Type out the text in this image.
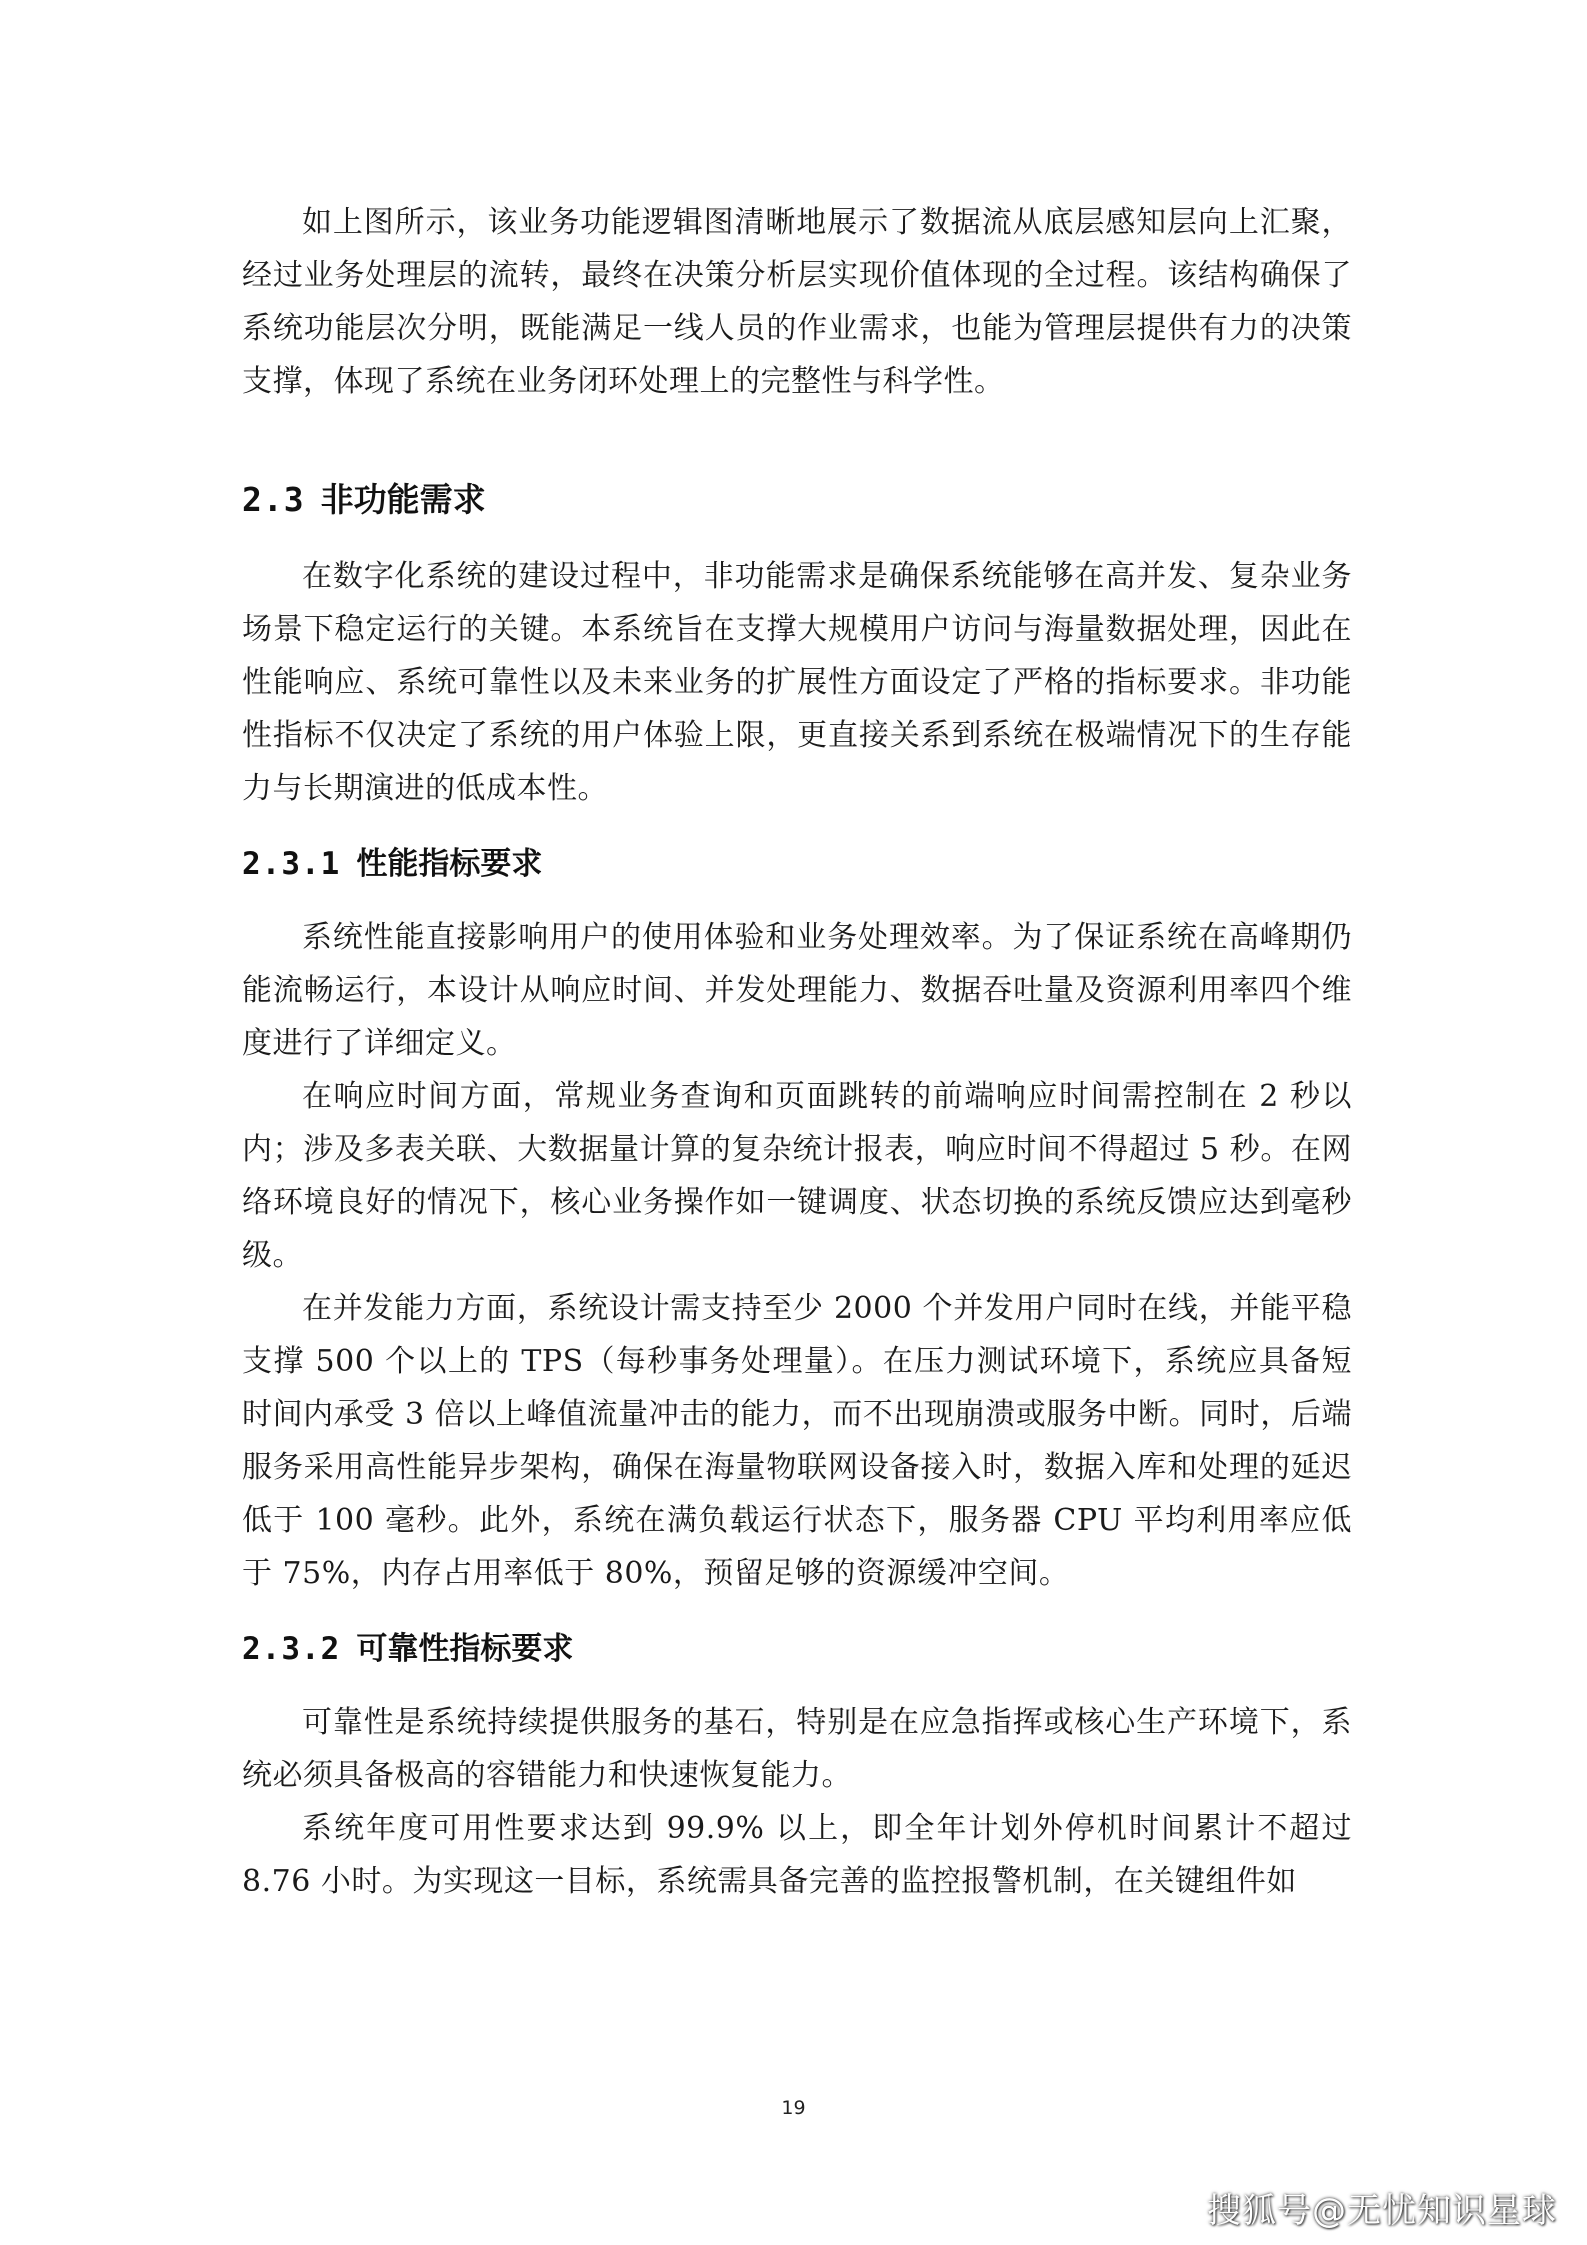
如上图所示，该业务功能逻辑图清晰地展示了数据流从底层感知层向上汇聚，经过业务处理层的流转，最终在决策分析层实现价值体现的全过程。该结构确保了系统功能层次分明，既能满足一线人员的作业需求，也能为管理层提供有力的决策支撑，体现了系统在业务闭环处理上的完整性与科学性。

2.3 非功能需求

在数字化系统的建设过程中，非功能需求是确保系统能够在高并发、复杂业务场景下稳定运行的关键。本系统旨在支撑大规模用户访问与海量数据处理，因此在性能响应、系统可靠性以及未来业务的扩展性方面设定了严格的指标要求。非功能性指标不仅决定了系统的用户体验上限，更直接关系到系统在极端情况下的生存能力与长期演进的低成本性。

2.3.1 性能指标要求

系统性能直接影响用户的使用体验和业务处理效率。为了保证系统在高峰期仍能流畅运行，本设计从响应时间、并发处理能力、数据吞吐量及资源利用率四个维度进行了详细定义。

在响应时间方面，常规业务查询和页面跳转的前端响应时间需控制在 2 秒以内；涉及多表关联、大数据量计算的复杂统计报表，响应时间不得超过 5 秒。在网络环境良好的情况下，核心业务操作如一键调度、状态切换的系统反馈应达到毫秒级。

在并发能力方面，系统设计需支持至少 2000 个并发用户同时在线，并能平稳支撑 500 个以上的 TPS（每秒事务处理量）。在压力测试环境下，系统应具备短时间内承受 3 倍以上峰值流量冲击的能力，而不出现崩溃或服务中断。同时，后端服务采用高性能异步架构，确保在海量物联网设备接入时，数据入库和处理的延迟低于 100 毫秒。此外，系统在满负载运行状态下，服务器 CPU 平均利用率应低于 75%，内存占用率低于 80%，预留足够的资源缓冲空间。

2.3.2 可靠性指标要求

可靠性是系统持续提供服务的基石，特别是在应急指挥或核心生产环境下，系统必须具备极高的容错能力和快速恢复能力。

系统年度可用性要求达到 99.9% 以上，即全年计划外停机时间累计不超过 8.76 小时。为实现这一目标，系统需具备完善的监控报警机制，在关键组件如

19
搜狐号@无忧知识星球
